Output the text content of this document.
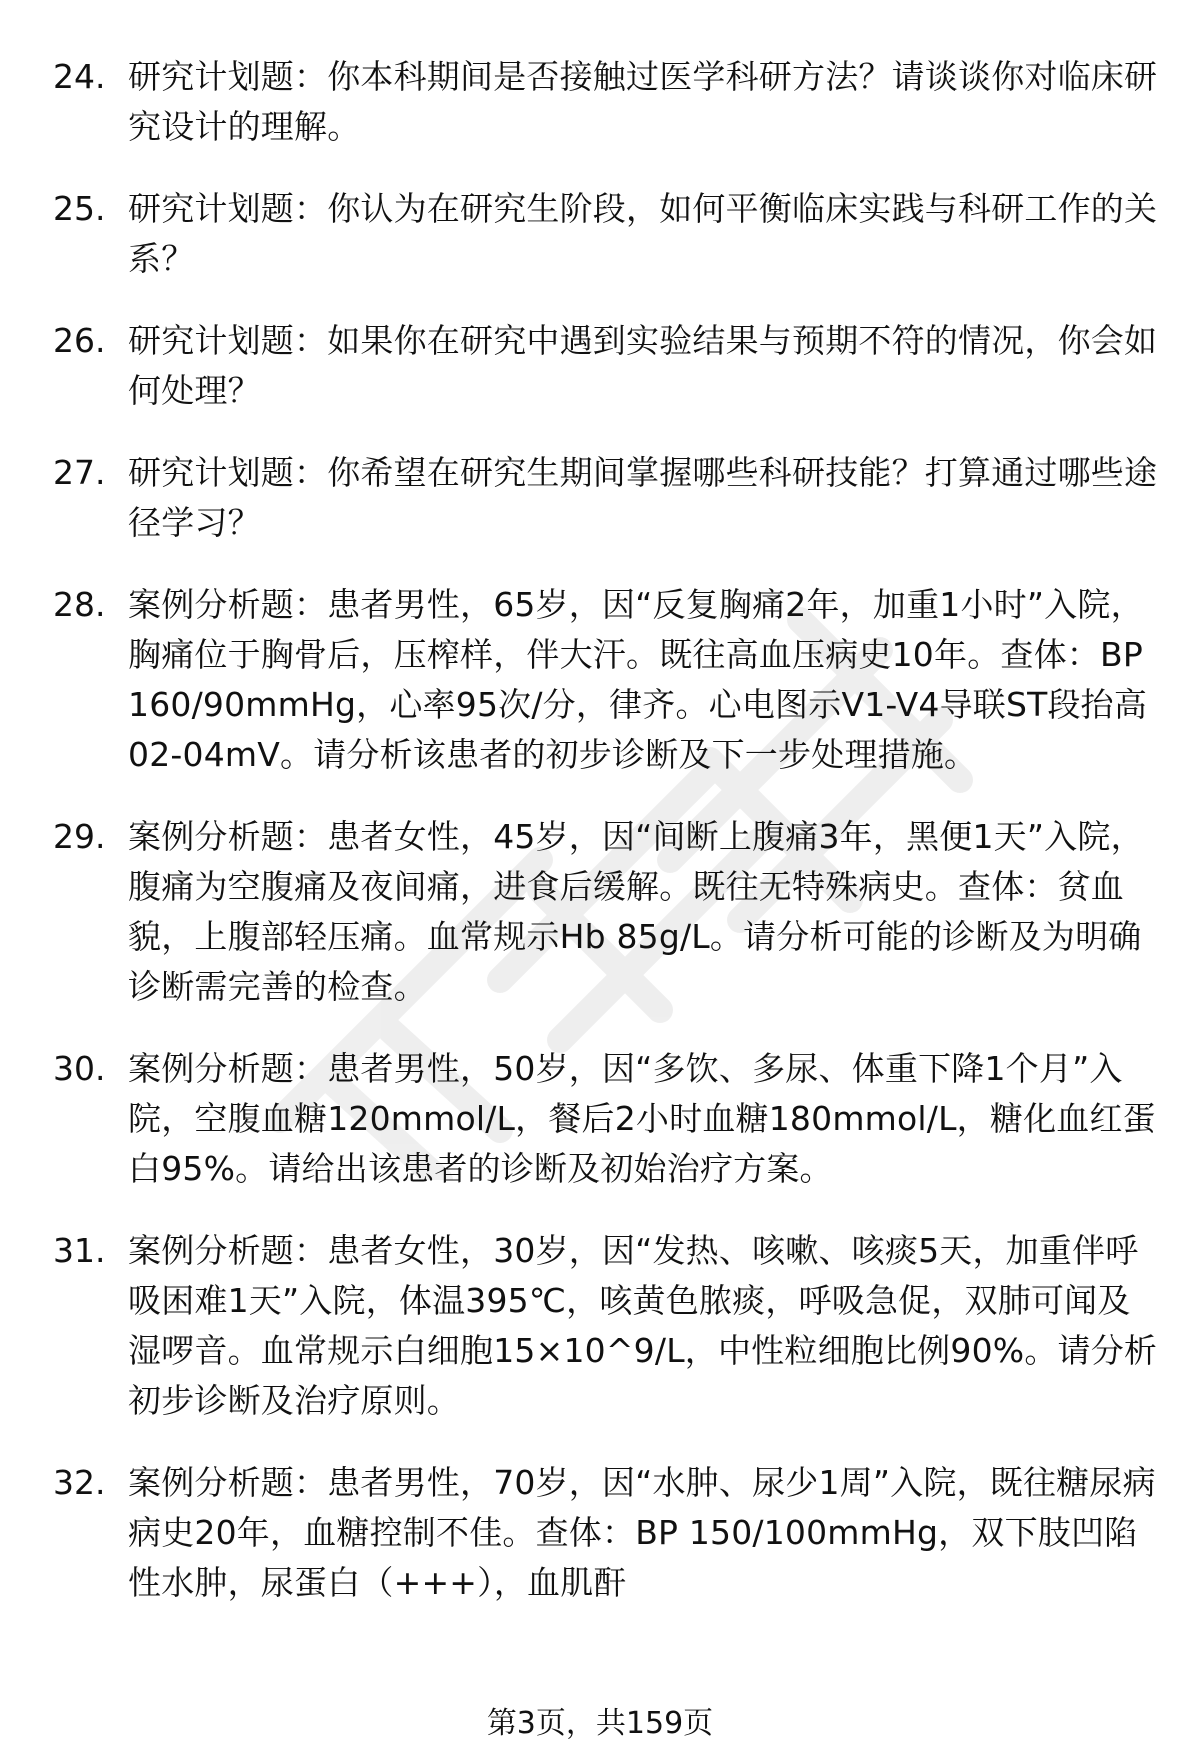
24. 研究计划题：你本科期间是否接触过医学科研方法？请谈谈你对临床研究设计的理解。
25. 研究计划题：你认为在研究生阶段，如何平衡临床实践与科研工作的关系？
26. 研究计划题：如果你在研究中遇到实验结果与预期不符的情况，你会如何处理？
27. 研究计划题：你希望在研究生期间掌握哪些科研技能？打算通过哪些途径学习？
28. 案例分析题：患者男性，65岁，因“反复胸痛2年，加重1小时”入院，胸痛位于胸骨后，压榨样，伴大汗。既往高血压病史10年。查体：BP 160/90mmHg，心率95次/分，律齐。心电图示V1-V4导联ST段抬高02-04mV。请分析该患者的初步诊断及下一步处理措施。
29. 案例分析题：患者女性，45岁，因“间断上腹痛3年，黑便1天”入院，腹痛为空腹痛及夜间痛，进食后缓解。既往无特殊病史。查体：贫血貌，上腹部轻压痛。血常规示Hb 85g/L。请分析可能的诊断及为明确诊断需完善的检查。
30. 案例分析题：患者男性，50岁，因“多饮、多尿、体重下降1个月”入院，空腹血糖120mmol/L，餐后2小时血糖180mmol/L，糖化血红蛋白95%。请给出该患者的诊断及初始治疗方案。
31. 案例分析题：患者女性，30岁，因“发热、咳嗽、咳痰5天，加重伴呼吸困难1天”入院，体温395℃，咳黄色脓痰，呼吸急促，双肺可闻及湿啰音。血常规示白细胞15×10^9/L，中性粒细胞比例90%。请分析初步诊断及治疗原则。
32. 案例分析题：患者男性，70岁，因“水肿、尿少1周”入院，既往糖尿病病史20年，血糖控制不佳。查体：BP 150/100mmHg，双下肢凹陷性水肿，尿蛋白（+++），血肌酐
第3页，共159页
